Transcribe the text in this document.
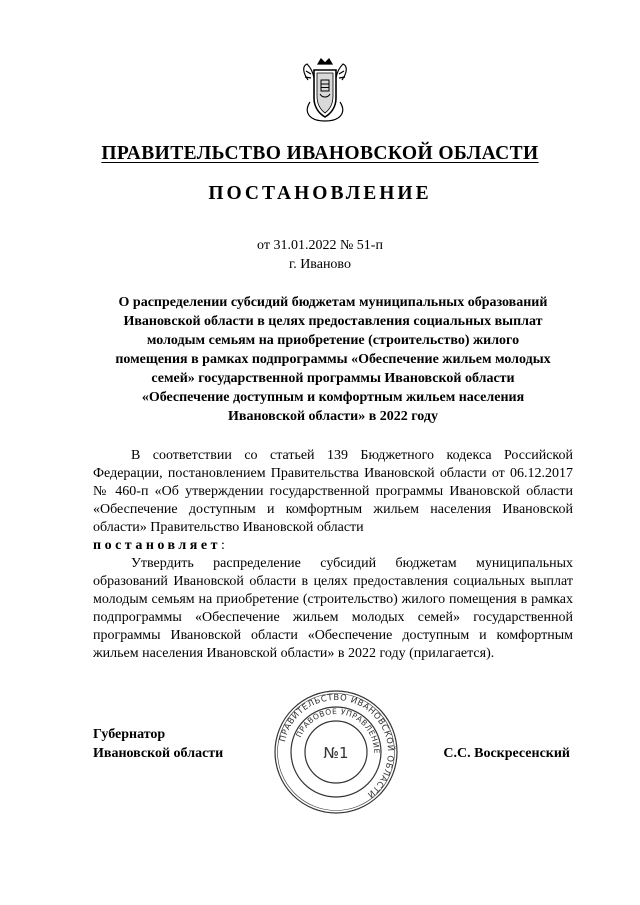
ПРАВИТЕЛЬСТВО ИВАНОВСКОЙ ОБЛАСТИ
ПОСТАНОВЛЕНИЕ
от 31.01.2022 № 51-п
г. Иваново
О распределении субсидий бюджетам муниципальных образований
Ивановской области в целях предоставления социальных выплат
молодым семьям на приобретение (строительство) жилого
помещения в рамках подпрограммы «Обеспечение жильем молодых
семей» государственной программы Ивановской области
«Обеспечение доступным и комфортным жильем населения
Ивановской области» в 2022 году

В соответствии со статьей 139 Бюджетного кодекса Российской Федерации, постановлением Правительства Ивановской области от 06.12.2017 № 460-п «Об утверждении государственной программы Ивановской области «Обеспечение доступным и комфортным жильем населения Ивановской области» Правительство Ивановской области

постановляет:

Утвердить распределение субсидий бюджетам муниципальных образований Ивановской области в целях предоставления социальных выплат молодым семьям на приобретение (строительство) жилого помещения в рамках подпрограммы «Обеспечение жильем молодых семей» государственной программы Ивановской области «Обеспечение доступным и комфортным жильем населения Ивановской области» в 2022 году (прилагается).

Губернатор
Ивановской области
ПРАВИТЕЛЬСТВО ИВАНОВСКОЙ ОБЛАСТИ
ПРАВОВОЕ УПРАВЛЕНИЕ
№1	С.С. Воскресенский
